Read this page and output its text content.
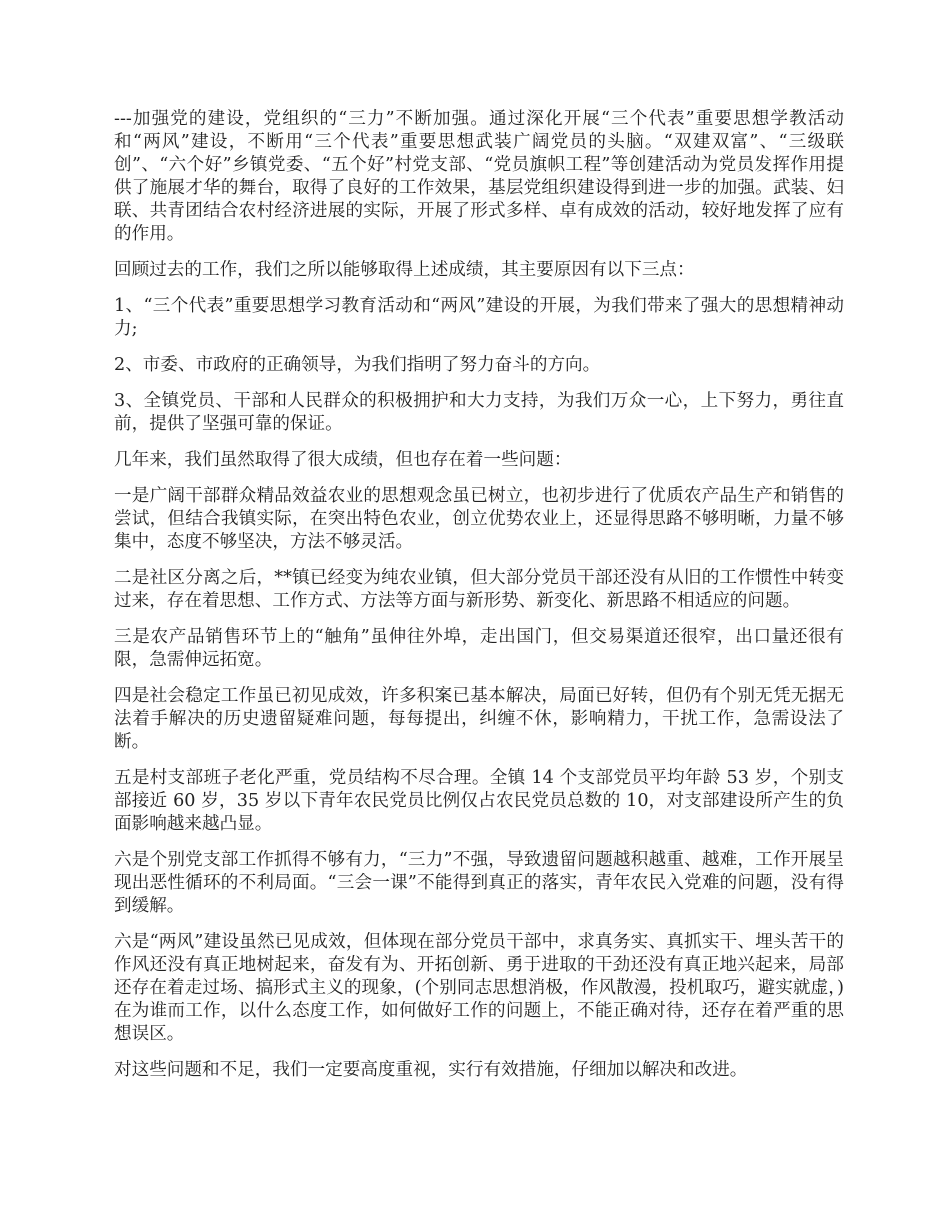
---加强党的建设，党组织的“三力”不断加强。通过深化开展“三个代表”重要思想学教活动和“两风”建设，不断用“三个代表”重要思想武装广阔党员的头脑。“双建双富”、“三级联创”、“六个好”乡镇党委、“五个好”村党支部、“党员旗帜工程”等创建活动为党员发挥作用提供了施展才华的舞台，取得了良好的工作效果，基层党组织建设得到进一步的加强。武装、妇联、共青团结合农村经济进展的实际，开展了形式多样、卓有成效的活动，较好地发挥了应有的作用。

回顾过去的工作，我们之所以能够取得上述成绩，其主要原因有以下三点：

1、“三个代表”重要思想学习教育活动和“两风”建设的开展，为我们带来了强大的思想精神动力;

2、市委、市政府的正确领导，为我们指明了努力奋斗的方向。

3、全镇党员、干部和人民群众的积极拥护和大力支持，为我们万众一心，上下努力，勇往直前，提供了坚强可靠的保证。

几年来，我们虽然取得了很大成绩，但也存在着一些问题：

一是广阔干部群众精品效益农业的思想观念虽已树立，也初步进行了优质农产品生产和销售的尝试，但结合我镇实际，在突出特色农业，创立优势农业上，还显得思路不够明晰，力量不够集中，态度不够坚决，方法不够灵活。

二是社区分离之后，**镇已经变为纯农业镇，但大部分党员干部还没有从旧的工作惯性中转变过来，存在着思想、工作方式、方法等方面与新形势、新变化、新思路不相适应的问题。

三是农产品销售环节上的“触角”虽伸往外埠，走出国门，但交易渠道还很窄，出口量还很有限，急需伸远拓宽。

四是社会稳定工作虽已初见成效，许多积案已基本解决，局面已好转，但仍有个别无凭无据无法着手解决的历史遗留疑难问题，每每提出，纠缠不休，影响精力，干扰工作，急需设法了断。

五是村支部班子老化严重，党员结构不尽合理。全镇 14 个支部党员平均年龄 53 岁，个别支部接近 60 岁，35 岁以下青年农民党员比例仅占农民党员总数的 10，对支部建设所产生的负面影响越来越凸显。

六是个别党支部工作抓得不够有力，“三力”不强，导致遗留问题越积越重、越难，工作开展呈现出恶性循环的不利局面。“三会一课”不能得到真正的落实，青年农民入党难的问题，没有得到缓解。

六是“两风”建设虽然已见成效，但体现在部分党员干部中，求真务实、真抓实干、埋头苦干的作风还没有真正地树起来，奋发有为、开拓创新、勇于进取的干劲还没有真正地兴起来，局部还存在着走过场、搞形式主义的现象，(个别同志思想消极，作风散漫，投机取巧，避实就虚，)在为谁而工作，以什么态度工作，如何做好工作的问题上，不能正确对待，还存在着严重的思想误区。

对这些问题和不足，我们一定要高度重视，实行有效措施，仔细加以解决和改进。
